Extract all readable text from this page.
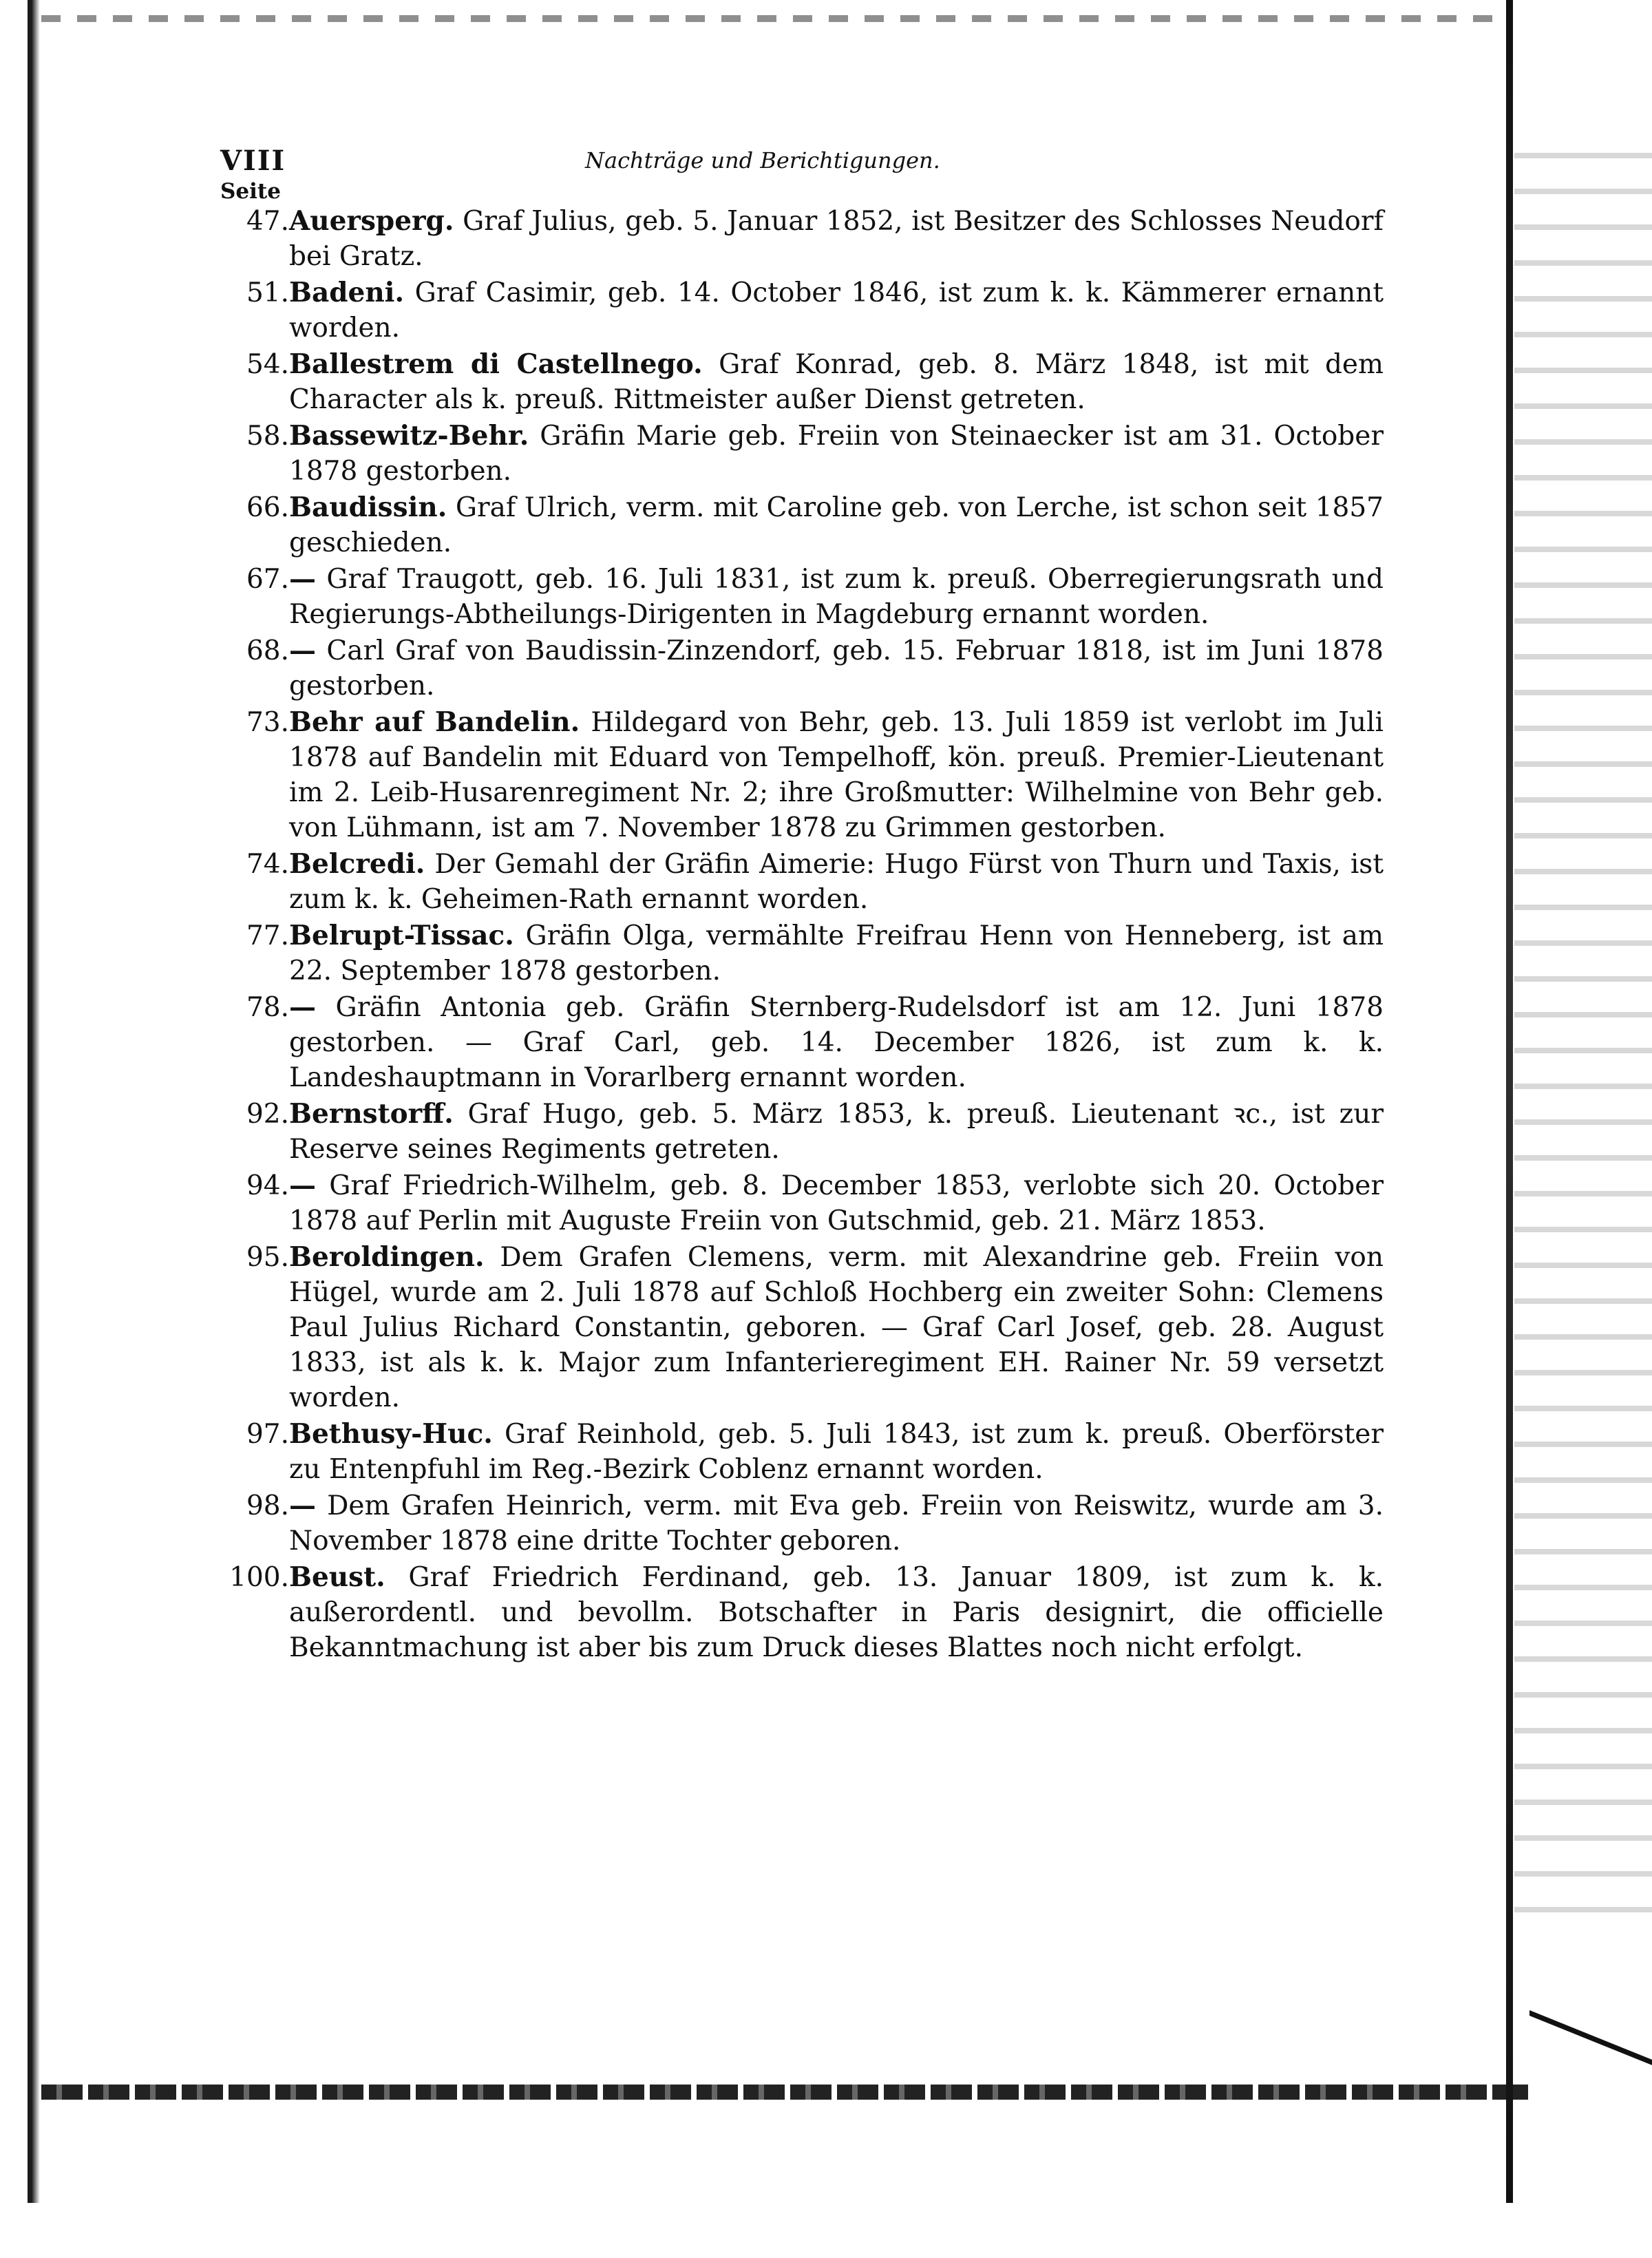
VIII	Nachträge und Berichtigungen.
Seite
47. Auersperg. Graf Julius, geb. 5. Januar 1852, ist Besitzer des Schlosses Neudorf bei Gratz.
51. Badeni. Graf Casimir, geb. 14. October 1846, ist zum k. k. Kämmerer ernannt worden.
54. Ballestrem di Castellnego. Graf Konrad, geb. 8. März 1848, ist mit dem Character als k. preuß. Rittmeister außer Dienst getreten.
58. Bassewitz-Behr. Gräfin Marie geb. Freiin von Steinaecker ist am 31. October 1878 gestorben.
66. Baudissin. Graf Ulrich, verm. mit Caroline geb. von Lerche, ist schon seit 1857 geschieden.
67. — Graf Traugott, geb. 16. Juli 1831, ist zum k. preuß. Oberregierungsrath und Regierungs-Abtheilungs-Dirigenten in Magdeburg ernannt worden.
68. — Carl Graf von Baudissin-Zinzendorf, geb. 15. Februar 1818, ist im Juni 1878 gestorben.
73. Behr auf Bandelin. Hildegard von Behr, geb. 13. Juli 1859 ist verlobt im Juli 1878 auf Bandelin mit Eduard von Tempelhoff, kön. preuß. Premier-Lieutenant im 2. Leib-Husarenregiment Nr. 2; ihre Großmutter: Wilhelmine von Behr geb. von Lühmann, ist am 7. November 1878 zu Grimmen gestorben.
74. Belcredi. Der Gemahl der Gräfin Aimerie: Hugo Fürst von Thurn und Taxis, ist zum k. k. Geheimen-Rath ernannt worden.
77. Belrupt-Tissac. Gräfin Olga, vermählte Freifrau Henn von Henneberg, ist am 22. September 1878 gestorben.
78. — Gräfin Antonia geb. Gräfin Sternberg-Rudelsdorf ist am 12. Juni 1878 gestorben. — Graf Carl, geb. 14. December 1826, ist zum k. k. Landeshauptmann in Vorarlberg ernannt worden.
92. Bernstorff. Graf Hugo, geb. 5. März 1853, k. preuß. Lieutenant ꝛc., ist zur Reserve seines Regiments getreten.
94. — Graf Friedrich-Wilhelm, geb. 8. December 1853, verlobte sich 20. October 1878 auf Perlin mit Auguste Freiin von Gutschmid, geb. 21. März 1853.
95. Beroldingen. Dem Grafen Clemens, verm. mit Alexandrine geb. Freiin von Hügel, wurde am 2. Juli 1878 auf Schloß Hochberg ein zweiter Sohn: Clemens Paul Julius Richard Constantin, geboren. — Graf Carl Josef, geb. 28. August 1833, ist als k. k. Major zum Infanterieregiment EH. Rainer Nr. 59 versetzt worden.
97. Bethusy-Huc. Graf Reinhold, geb. 5. Juli 1843, ist zum k. preuß. Oberförster zu Entenpfuhl im Reg.-Bezirk Coblenz ernannt worden.
98. — Dem Grafen Heinrich, verm. mit Eva geb. Freiin von Reiswitz, wurde am 3. November 1878 eine dritte Tochter geboren.
100. Beust. Graf Friedrich Ferdinand, geb. 13. Januar 1809, ist zum k. k. außerordentl. und bevollm. Botschafter in Paris designirt, die officielle Bekanntmachung ist aber bis zum Druck dieses Blattes noch nicht erfolgt.
